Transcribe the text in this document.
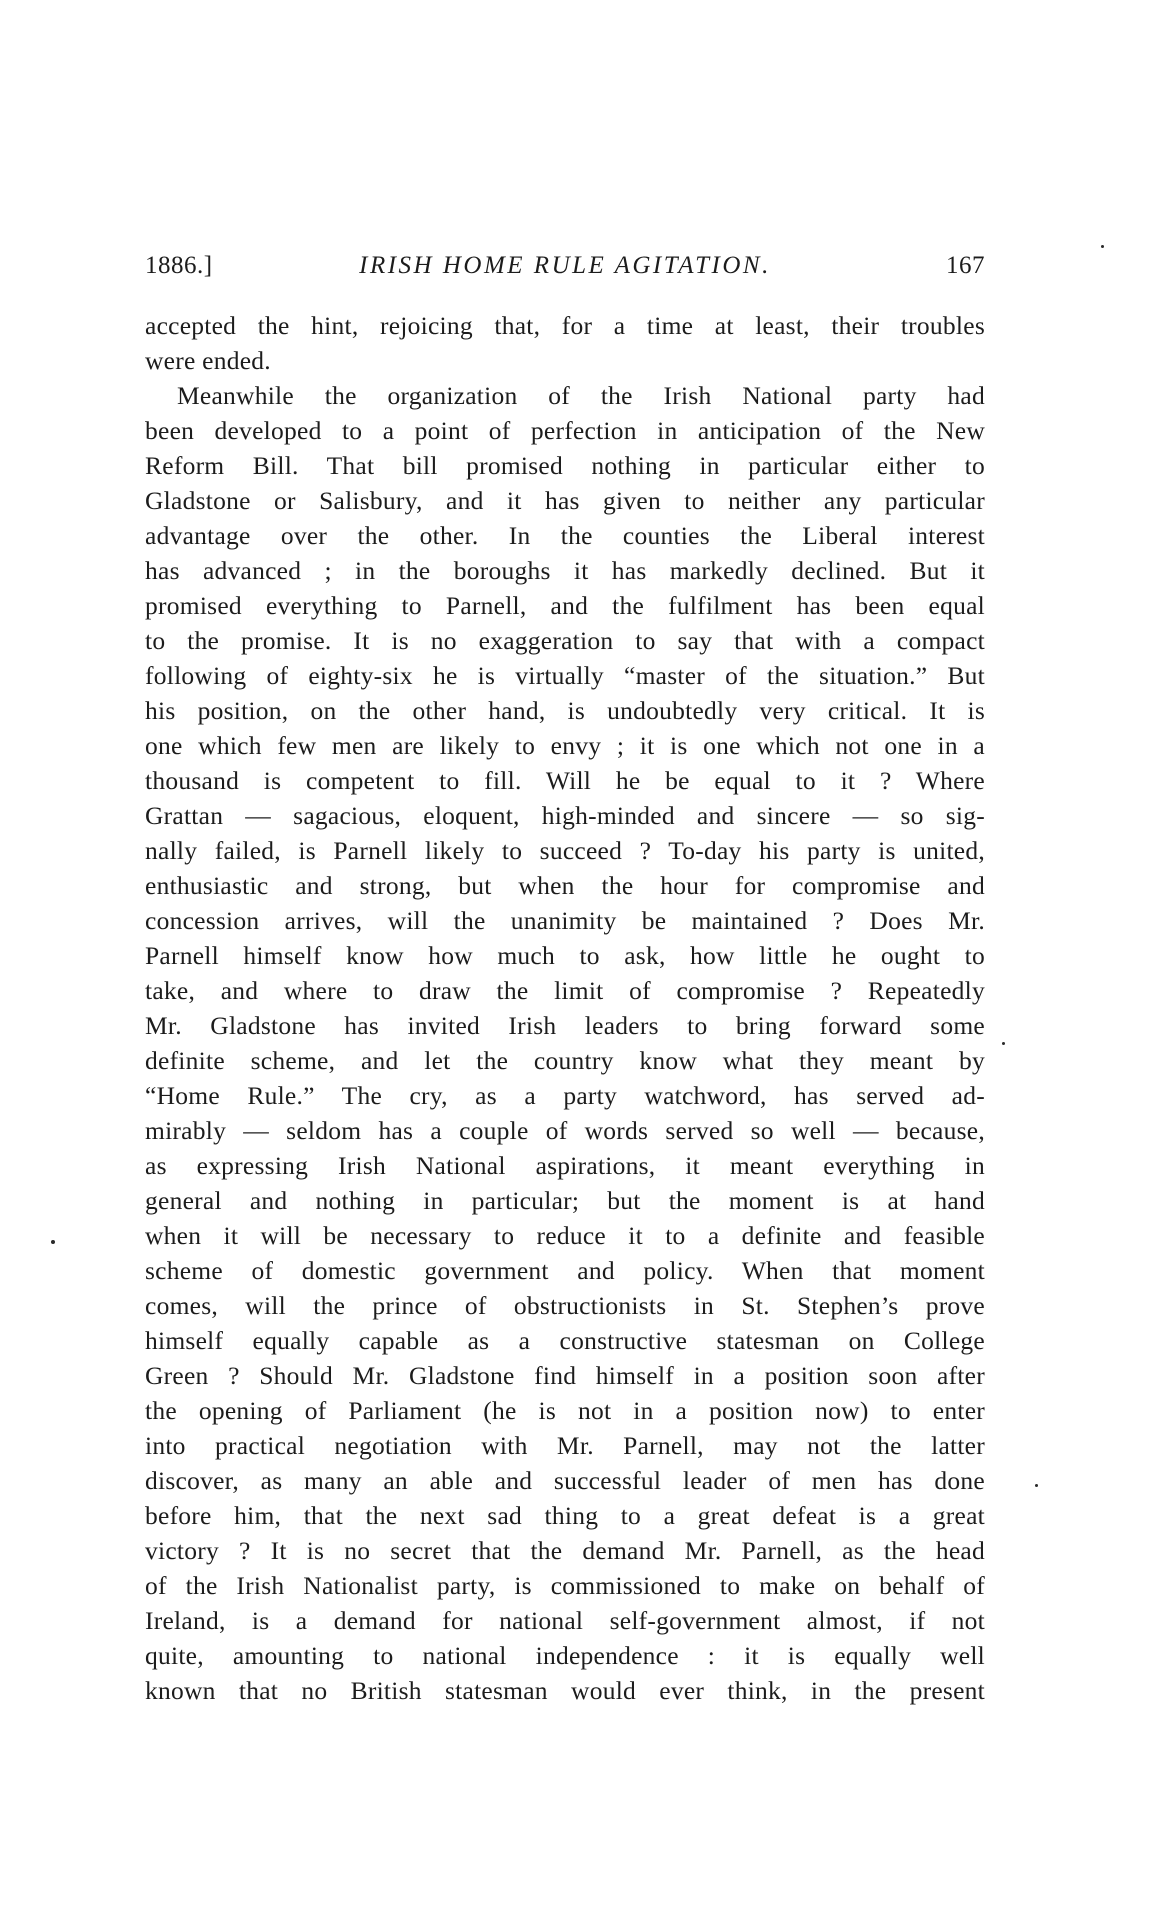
1886.]	IRISH HOME RULE AGITATION.	167
accepted the hint, rejoicing that, for a time at least, their troubles
were ended.
Meanwhile the organization of the Irish National party had
been developed to a point of perfection in anticipation of the New
Reform Bill. That bill promised nothing in particular either to
Gladstone or Salisbury, and it has given to neither any particular
advantage over the other. In the counties the Liberal interest
has advanced ; in the boroughs it has markedly declined. But it
promised everything to Parnell, and the fulfilment has been equal
to the promise. It is no exaggeration to say that with a compact
following of eighty-six he is virtually “master of the situation.” But
his position, on the other hand, is undoubtedly very critical. It is
one which few men are likely to envy ; it is one which not one in a
thousand is competent to fill. Will he be equal to it ? Where
Grattan — sagacious, eloquent, high-minded and sincere — so sig-
nally failed, is Parnell likely to succeed ? To-day his party is united,
enthusiastic and strong, but when the hour for compromise and
concession arrives, will the unanimity be maintained ? Does Mr.
Parnell himself know how much to ask, how little he ought to
take, and where to draw the limit of compromise ? Repeatedly
Mr. Gladstone has invited Irish leaders to bring forward some
definite scheme, and let the country know what they meant by
“Home Rule.” The cry, as a party watchword, has served ad-
mirably — seldom has a couple of words served so well — because,
as expressing Irish National aspirations, it meant everything in
general and nothing in particular; but the moment is at hand
when it will be necessary to reduce it to a definite and feasible
scheme of domestic government and policy. When that moment
comes, will the prince of obstructionists in St. Stephen’s prove
himself equally capable as a constructive statesman on College
Green ? Should Mr. Gladstone find himself in a position soon after
the opening of Parliament (he is not in a position now) to enter
into practical negotiation with Mr. Parnell, may not the latter
discover, as many an able and successful leader of men has done
before him, that the next sad thing to a great defeat is a great
victory ? It is no secret that the demand Mr. Parnell, as the head
of the Irish Nationalist party, is commissioned to make on behalf of
Ireland, is a demand for national self-government almost, if not
quite, amounting to national independence : it is equally well
known that no British statesman would ever think, in the present
